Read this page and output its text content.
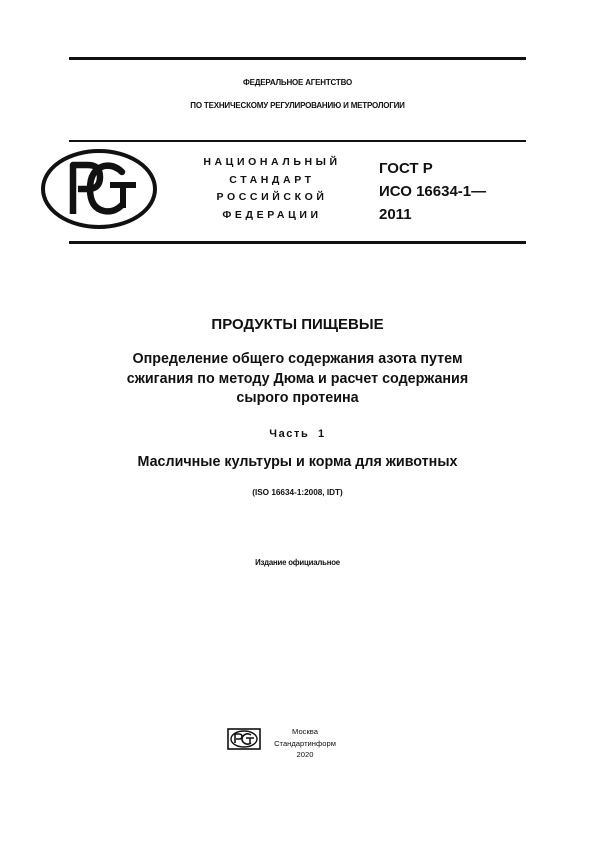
ФЕДЕРАЛЬНОЕ АГЕНТСТВО
ПО ТЕХНИЧЕСКОМУ РЕГУЛИРОВАНИЮ И МЕТРОЛОГИИ
НАЦИОНАЛЬНЫЙ
СТАНДАРТ
РОССИЙСКОЙ
ФЕДЕРАЦИИ
ГОСТ Р
ИСО 16634-1—
2011
ПРОДУКТЫ ПИЩЕВЫЕ
Определение общего содержания азота путем
сжигания по методу Дюма и расчет содержания
сырого протеина
Часть 1
Масличные культуры и корма для животных
(ISO 16634-1:2008, IDT)
Издание официальное
Москва
Стандартинформ
2020
